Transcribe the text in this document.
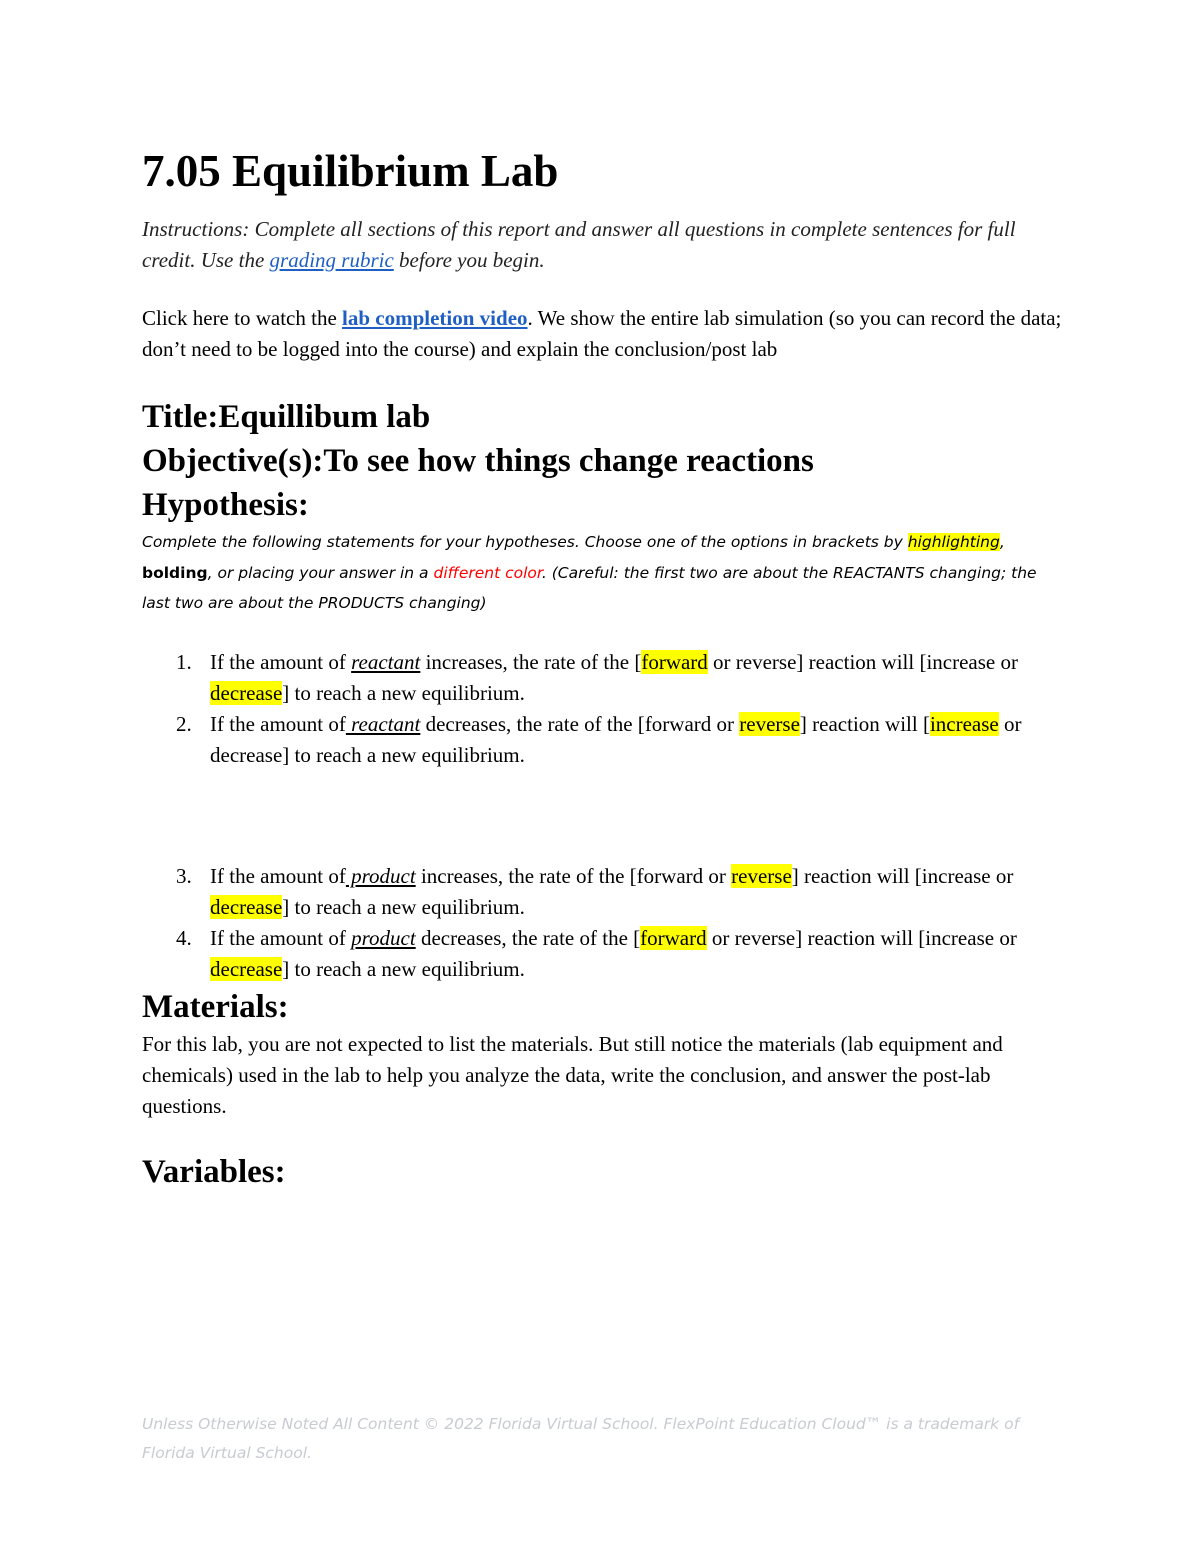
7.05 Equilibrium Lab

Instructions: Complete all sections of this report and answer all questions in complete sentences for full credit. Use the grading rubric before you begin.

Click here to watch the lab completion video. We show the entire lab simulation (so you can record the data; don’t need to be logged into the course) and explain the conclusion/post lab

Title:Equillibum lab
Objective(s):To see how things change reactions
Hypothesis:

Complete the following statements for your hypotheses. Choose one of the options in brackets by highlighting, bolding, or placing your answer in a different color. (Careful: the first two are about the REACTANTS changing; the last two are about the PRODUCTS changing)

1. If the amount of reactant increases, the rate of the [forward or reverse] reaction will [increase or decrease] to reach a new equilibrium.
2. If the amount of reactant decreases, the rate of the [forward or reverse] reaction will [increase or decrease] to reach a new equilibrium.
3. If the amount of product increases, the rate of the [forward or reverse] reaction will [increase or decrease] to reach a new equilibrium.
4. If the amount of product decreases, the rate of the [forward or reverse] reaction will [increase or decrease] to reach a new equilibrium.
Materials:

For this lab, you are not expected to list the materials. But still notice the materials (lab equipment and chemicals) used in the lab to help you analyze the data, write the conclusion, and answer the post-lab questions.

Variables:
Unless Otherwise Noted All Content © 2022 Florida Virtual School. FlexPoint Education Cloud™ is a trademark of Florida Virtual School.
